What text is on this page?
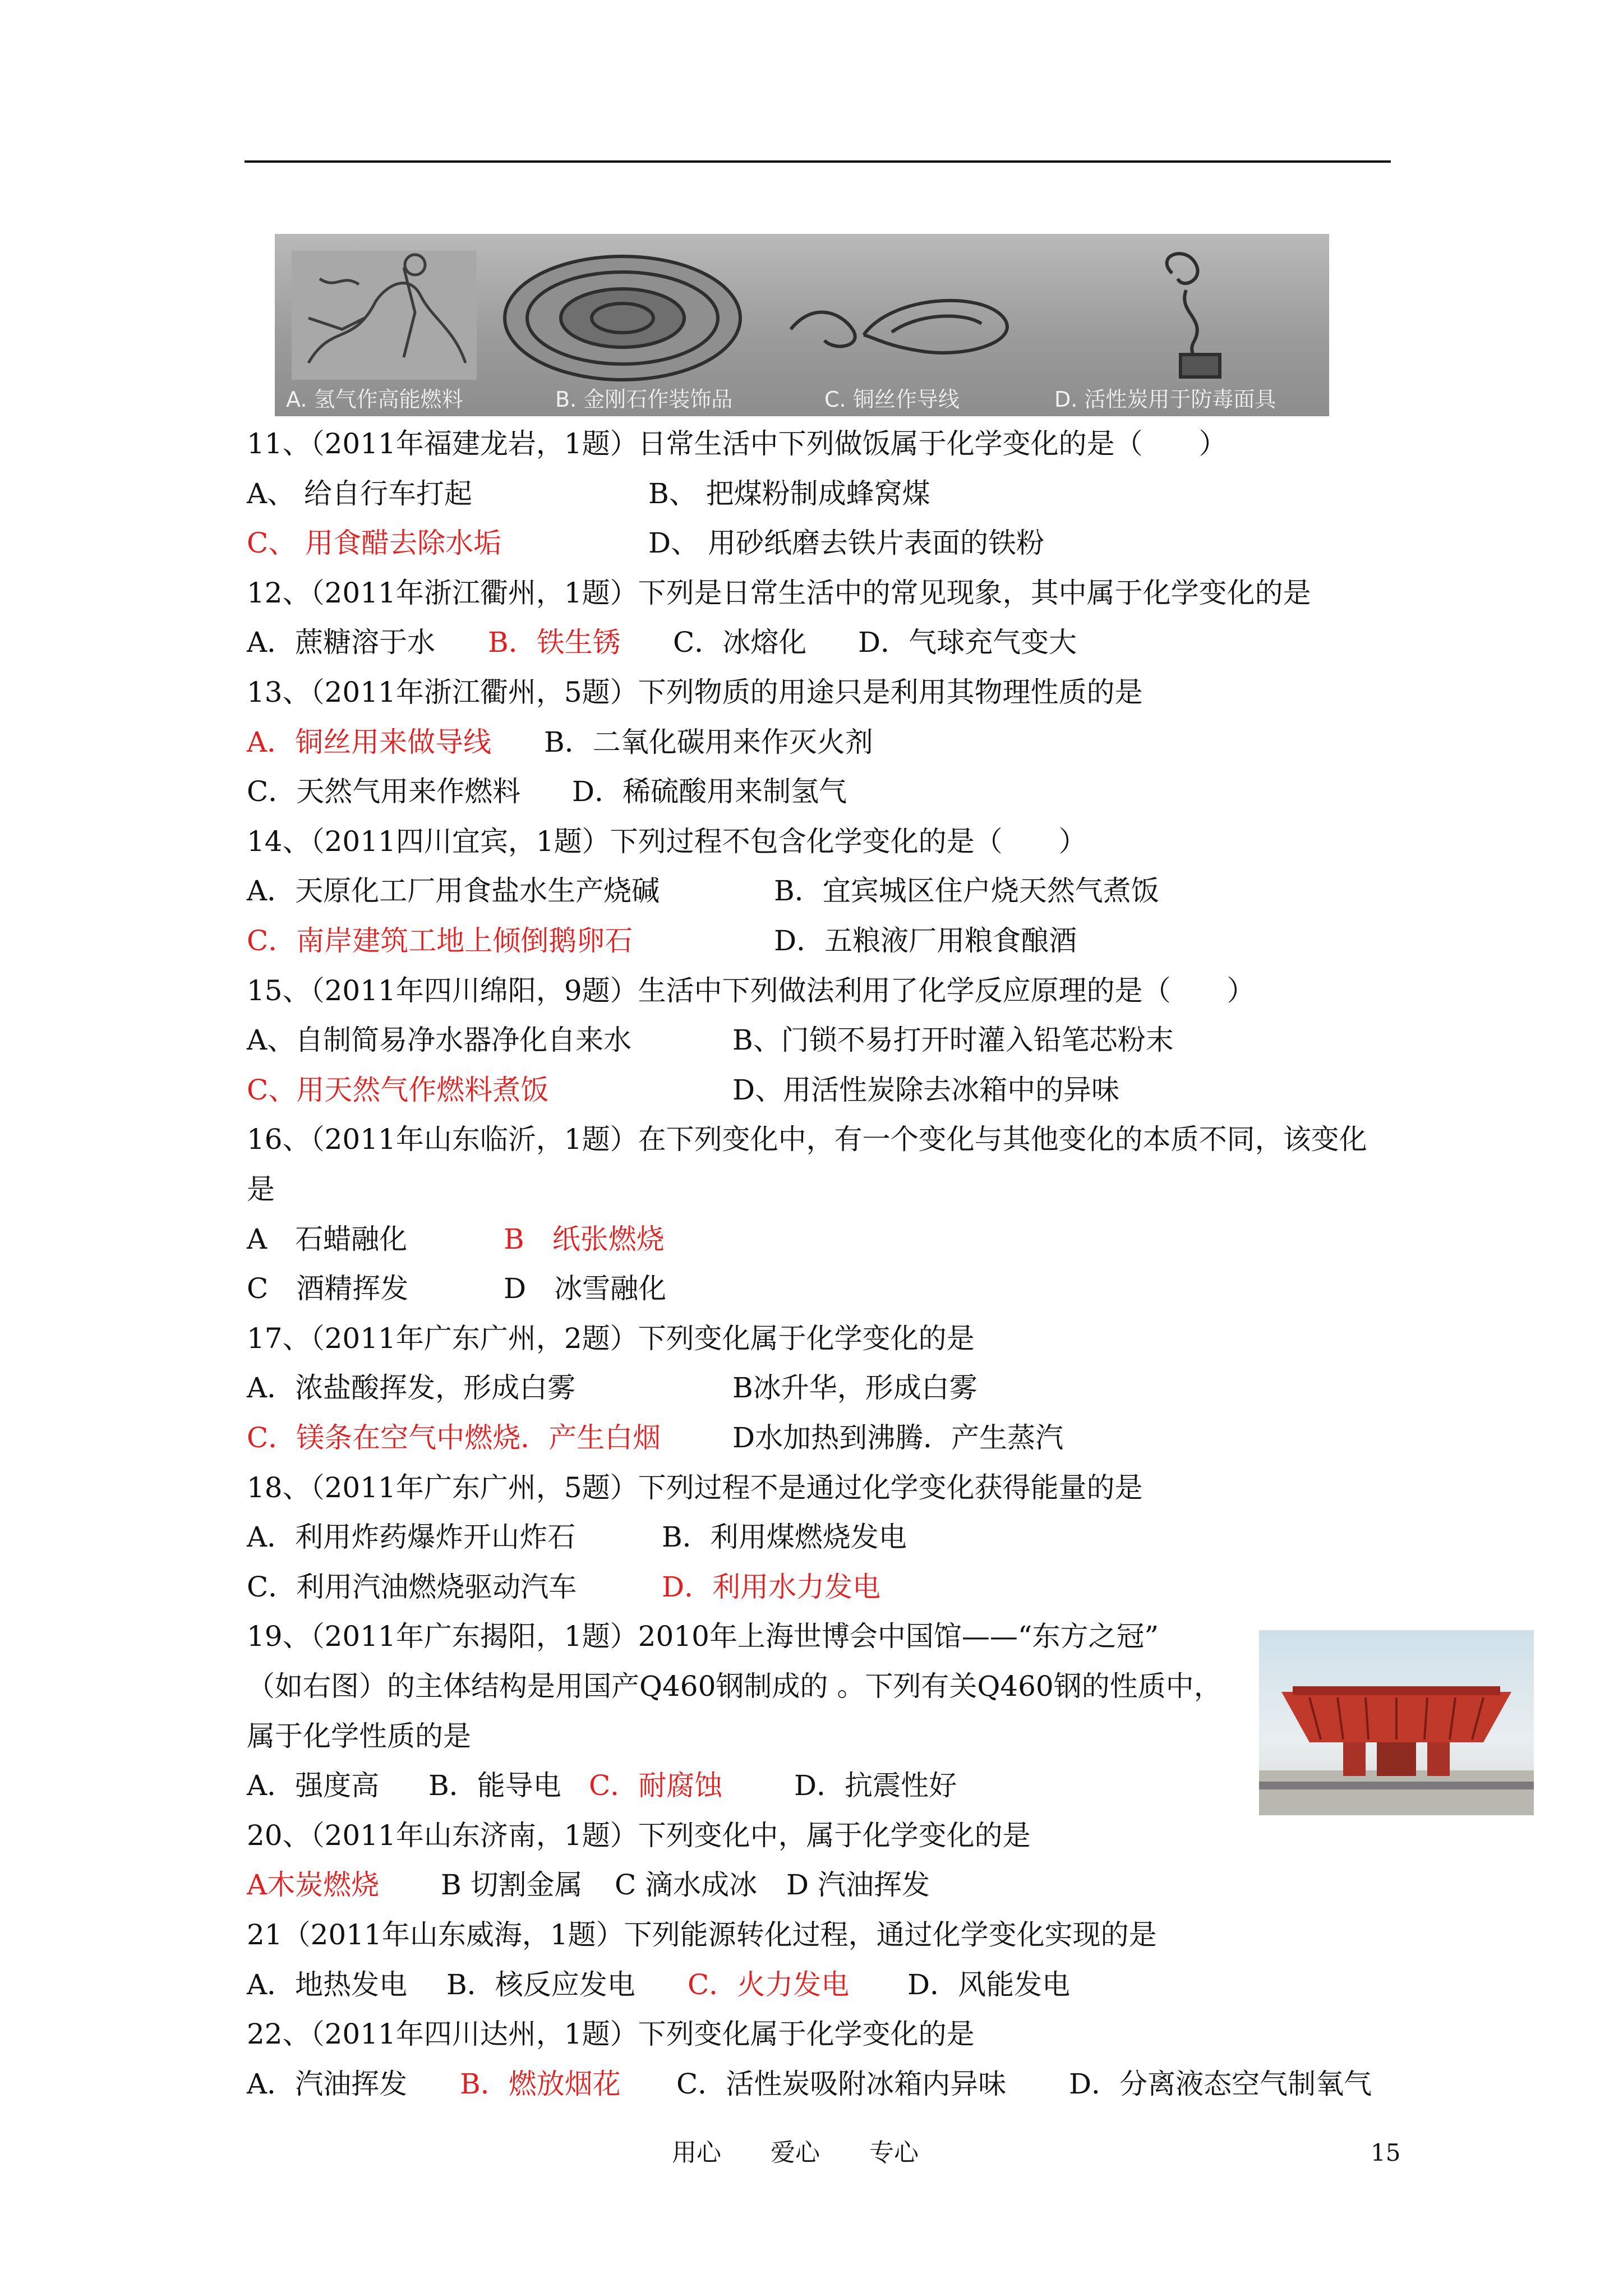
A. 氢气作高能燃料	B. 金刚石作装饰品	C. 铜丝作导线	D. 活性炭用于防毒面具
11、（2011年福建龙岩，1题）日常生活中下列做饭属于化学变化的是（　　）
A、 给自行车打起	B、 把煤粉制成蜂窝煤
C、 用食醋去除水垢	D、 用砂纸磨去铁片表面的铁粉
12、（2011年浙江衢州，1题）下列是日常生活中的常见现象，其中属于化学变化的是
A．蔗糖溶于水 B．铁生锈 C．冰熔化 D．气球充气变大
13、（2011年浙江衢州，5题）下列物质的用途只是利用其物理性质的是
A．铜丝用来做导线 B．二氧化碳用来作灭火剂
C．天然气用来作燃料 D．稀硫酸用来制氢气
14、（2011四川宜宾，1题）下列过程不包含化学变化的是（　　）
A．天原化工厂用食盐水生产烧碱	B．宜宾城区住户烧天然气煮饭
C．南岸建筑工地上倾倒鹅卵石	D．五粮液厂用粮食酿酒
15、（2011年四川绵阳，9题）生活中下列做法利用了化学反应原理的是（　　）
A、自制简易净水器净化自来水	B、门锁不易打开时灌入铅笔芯粉末
C、用天然气作燃料煮饭	D、用活性炭除去冰箱中的异味
16、（2011年山东临沂，1题）在下列变化中，有一个变化与其他变化的本质不同，该变化
是
A　石蜡融化	B　纸张燃烧
C　酒精挥发	D　冰雪融化
17、（2011年广东广州，2题）下列变化属于化学变化的是
A．浓盐酸挥发，形成白雾	B冰升华，形成白雾
C．镁条在空气中燃烧．产生白烟	D水加热到沸腾．产生蒸汽
18、（2011年广东广州，5题）下列过程不是通过化学变化获得能量的是
A．利用炸药爆炸开山炸石	B．利用煤燃烧发电
C．利用汽油燃烧驱动汽车	D．利用水力发电
19、（2011年广东揭阳，1题）2010年上海世博会中国馆——“东方之冠”
（如右图）的主体结构是用国产Q460钢制成的 。下列有关Q460钢的性质中，
属于化学性质的是
A．强度高 B．能导电 C．耐腐蚀	D．抗震性好
20、（2011年山东济南，1题）下列变化中，属于化学变化的是
A木炭燃烧 B 切割金属 C 滴水成冰 D 汽油挥发
21（2011年山东威海，1题）下列能源转化过程，通过化学变化实现的是
A．地热发电 B．核反应发电 C．火力发电 D．风能发电
22、（2011年四川达州，1题）下列变化属于化学变化的是
A．汽油挥发 B．燃放烟花 C．活性炭吸附冰箱内异味 D．分离液态空气制氧气
用心　　爱心　　专心	15
